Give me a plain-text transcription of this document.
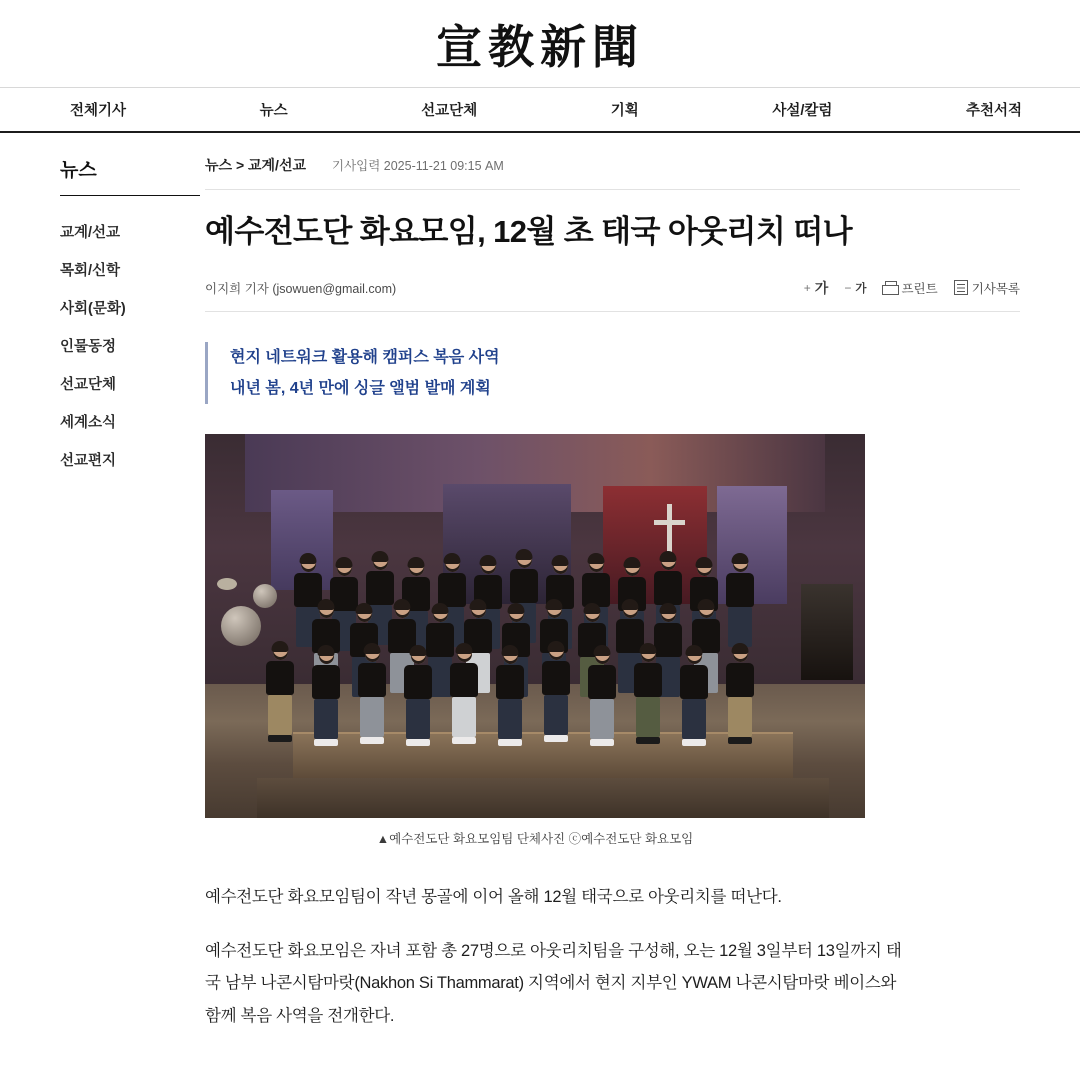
宣教新聞
전체기사	뉴스	선교단체	기획	사설/칼럼	추천서적
뉴스
교계/선교
목회/신학
사회(문화)
인물동정
선교단체
세계소식
선교편지
뉴스 > 교계/선교 기사입력 2025-11-21 09:15 AM
예수전도단 화요모임, 12월 초 태국 아웃리치 떠나
이지희 기자 (jsowuen@gmail.com)	+ 가 − 가	프린트	기사목록
현지 네트워크 활용해 캠퍼스 복음 사역
내년 봄, 4년 만에 싱글 앨범 발매 계획
▲예수전도단 화요모임팀 단체사진 ⓒ예수전도단 화요모임

예수전도단 화요모임팀이 작년 몽골에 이어 올해 12월 태국으로 아웃리치를 떠난다.

예수전도단 화요모임은 자녀 포함 총 27명으로 아웃리치팀을 구성해, 오는 12월 3일부터 13일까지 태국 남부 나콘시탐마랏(Nakhon Si Thammarat) 지역에서 현지 지부인 YWAM 나콘시탐마랏 베이스와 함께 복음 사역을 전개한다.
